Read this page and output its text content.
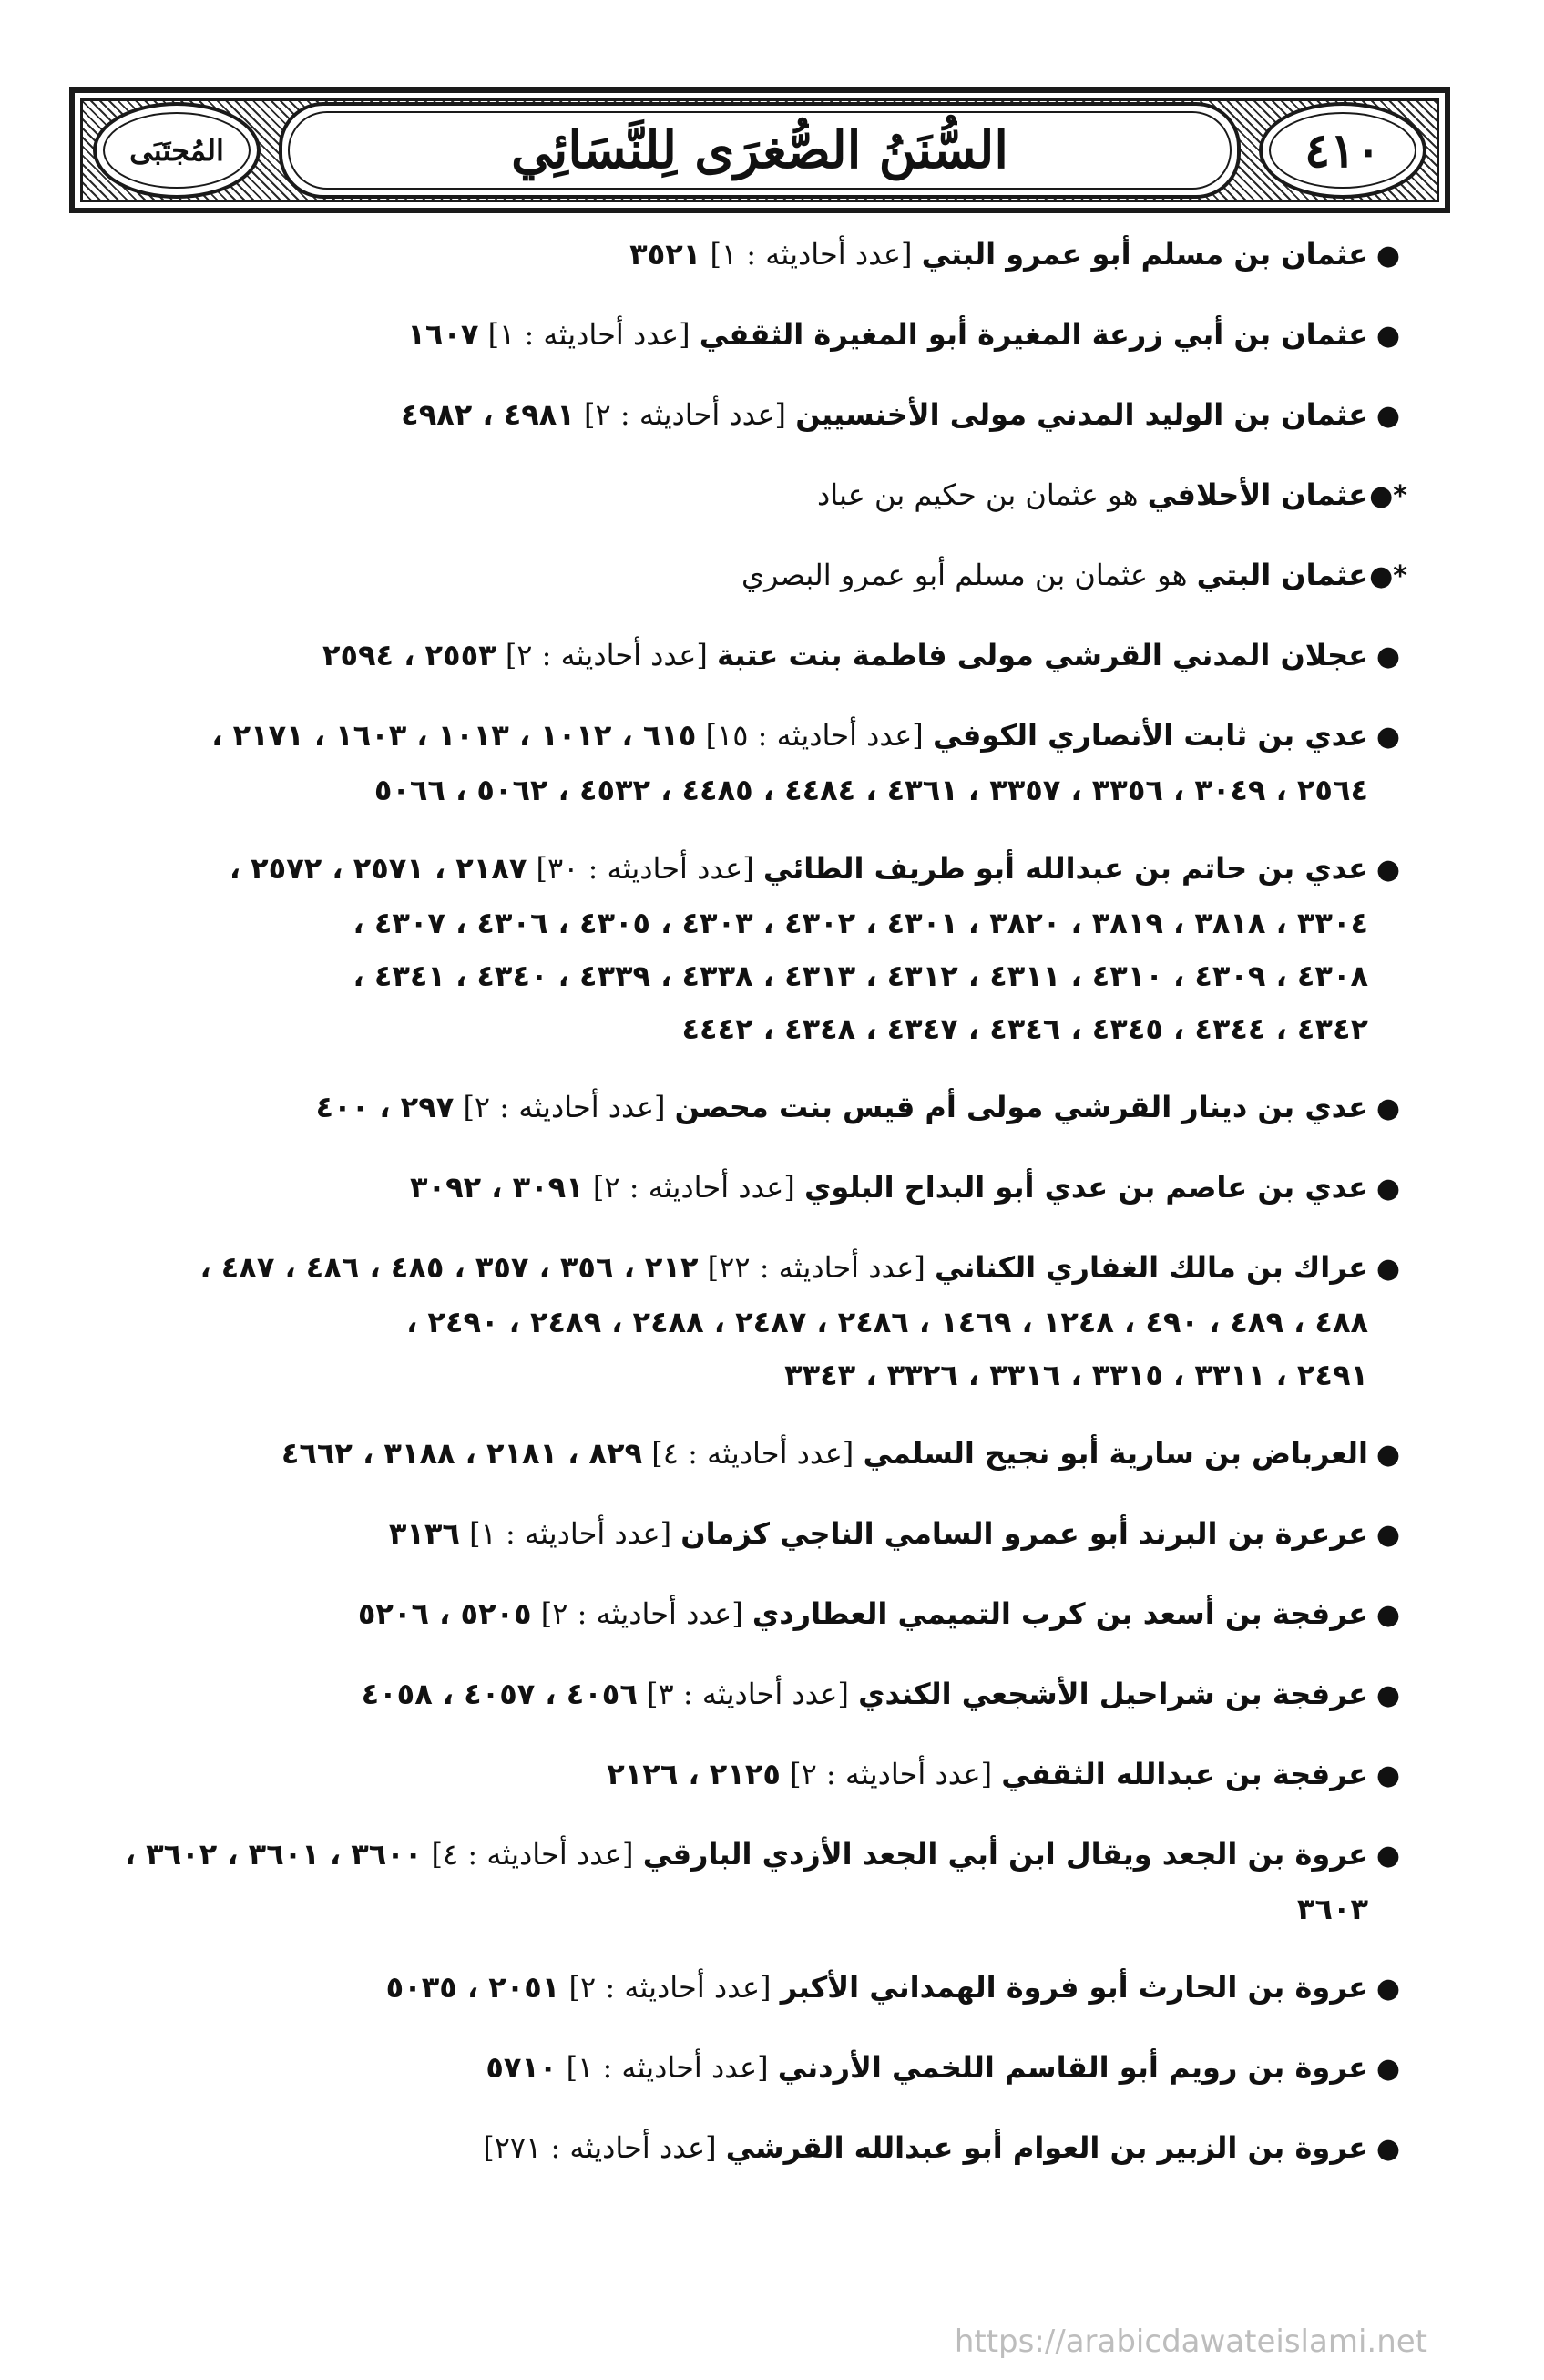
المُجتَبَى	السُّنَنُ الصُّغرَى لِلنَّسَائِي	٤١٠
●عثمان بن مسلم أبو عمرو البتي [عدد أحاديثه : ١] ٣٥٢١
●عثمان بن أبي زرعة المغيرة أبو المغيرة الثقفي [عدد أحاديثه : ١] ١٦٠٧
●عثمان بن الوليد المدني مولى الأخنسيين [عدد أحاديثه : ٢] ٤٩٨١ ، ٤٩٨٢
*●عثمان الأحلافي هو عثمان بن حكيم بن عباد
*●عثمان البتي هو عثمان بن مسلم أبو عمرو البصري
●عجلان المدني القرشي مولى فاطمة بنت عتبة [عدد أحاديثه : ٢] ٢٥٥٣ ، ٢٥٩٤
●عدي بن ثابت الأنصاري الكوفي [عدد أحاديثه : ١٥] ٦١٥ ، ١٠١٢ ، ١٠١٣ ، ١٦٠٣ ، ٢١٧١ ،
٢٥٦٤ ، ٣٠٤٩ ، ٣٣٥٦ ، ٣٣٥٧ ، ٤٣٦١ ، ٤٤٨٤ ، ٤٤٨٥ ، ٤٥٣٢ ، ٥٠٦٢ ، ٥٠٦٦
●عدي بن حاتم بن عبدالله أبو طريف الطائي [عدد أحاديثه : ٣٠] ٢١٨٧ ، ٢٥٧١ ، ٢٥٧٢ ،
٣٣٠٤ ، ٣٨١٨ ، ٣٨١٩ ، ٣٨٢٠ ، ٤٣٠١ ، ٤٣٠٢ ، ٤٣٠٣ ، ٤٣٠٥ ، ٤٣٠٦ ، ٤٣٠٧ ،
٤٣٠٨ ، ٤٣٠٩ ، ٤٣١٠ ، ٤٣١١ ، ٤٣١٢ ، ٤٣١٣ ، ٤٣٣٨ ، ٤٣٣٩ ، ٤٣٤٠ ، ٤٣٤١ ،
٤٣٤٢ ، ٤٣٤٤ ، ٤٣٤٥ ، ٤٣٤٦ ، ٤٣٤٧ ، ٤٣٤٨ ، ٤٤٤٢
●عدي بن دينار القرشي مولى أم قيس بنت محصن [عدد أحاديثه : ٢] ٢٩٧ ، ٤٠٠
●عدي بن عاصم بن عدي أبو البداح البلوي [عدد أحاديثه : ٢] ٣٠٩١ ، ٣٠٩٢
●عراك بن مالك الغفاري الكناني [عدد أحاديثه : ٢٢] ٢١٢ ، ٣٥٦ ، ٣٥٧ ، ٤٨٥ ، ٤٨٦ ، ٤٨٧ ،
٤٨٨ ، ٤٨٩ ، ٤٩٠ ، ١٢٤٨ ، ١٤٦٩ ، ٢٤٨٦ ، ٢٤٨٧ ، ٢٤٨٨ ، ٢٤٨٩ ، ٢٤٩٠ ،
٢٤٩١ ، ٣٣١١ ، ٣٣١٥ ، ٣٣١٦ ، ٣٣٢٦ ، ٣٣٤٣
●العرباض بن سارية أبو نجيح السلمي [عدد أحاديثه : ٤] ٨٢٩ ، ٢١٨١ ، ٣١٨٨ ، ٤٦٦٢
●عرعرة بن البرند أبو عمرو السامي الناجي كزمان [عدد أحاديثه : ١] ٣١٣٦
●عرفجة بن أسعد بن كرب التميمي العطاردي [عدد أحاديثه : ٢] ٥٢٠٥ ، ٥٢٠٦
●عرفجة بن شراحيل الأشجعي الكندي [عدد أحاديثه : ٣] ٤٠٥٦ ، ٤٠٥٧ ، ٤٠٥٨
●عرفجة بن عبدالله الثقفي [عدد أحاديثه : ٢] ٢١٢٥ ، ٢١٢٦
●عروة بن الجعد ويقال ابن أبي الجعد الأزدي البارقي [عدد أحاديثه : ٤] ٣٦٠٠ ، ٣٦٠١ ، ٣٦٠٢ ،
٣٦٠٣
●عروة بن الحارث أبو فروة الهمداني الأكبر [عدد أحاديثه : ٢] ٢٠٥١ ، ٥٠٣٥
●عروة بن رويم أبو القاسم اللخمي الأردني [عدد أحاديثه : ١] ٥٧١٠
●عروة بن الزبير بن العوام أبو عبدالله القرشي [عدد أحاديثه : ٢٧١]
https://arabicdawateislami.net
